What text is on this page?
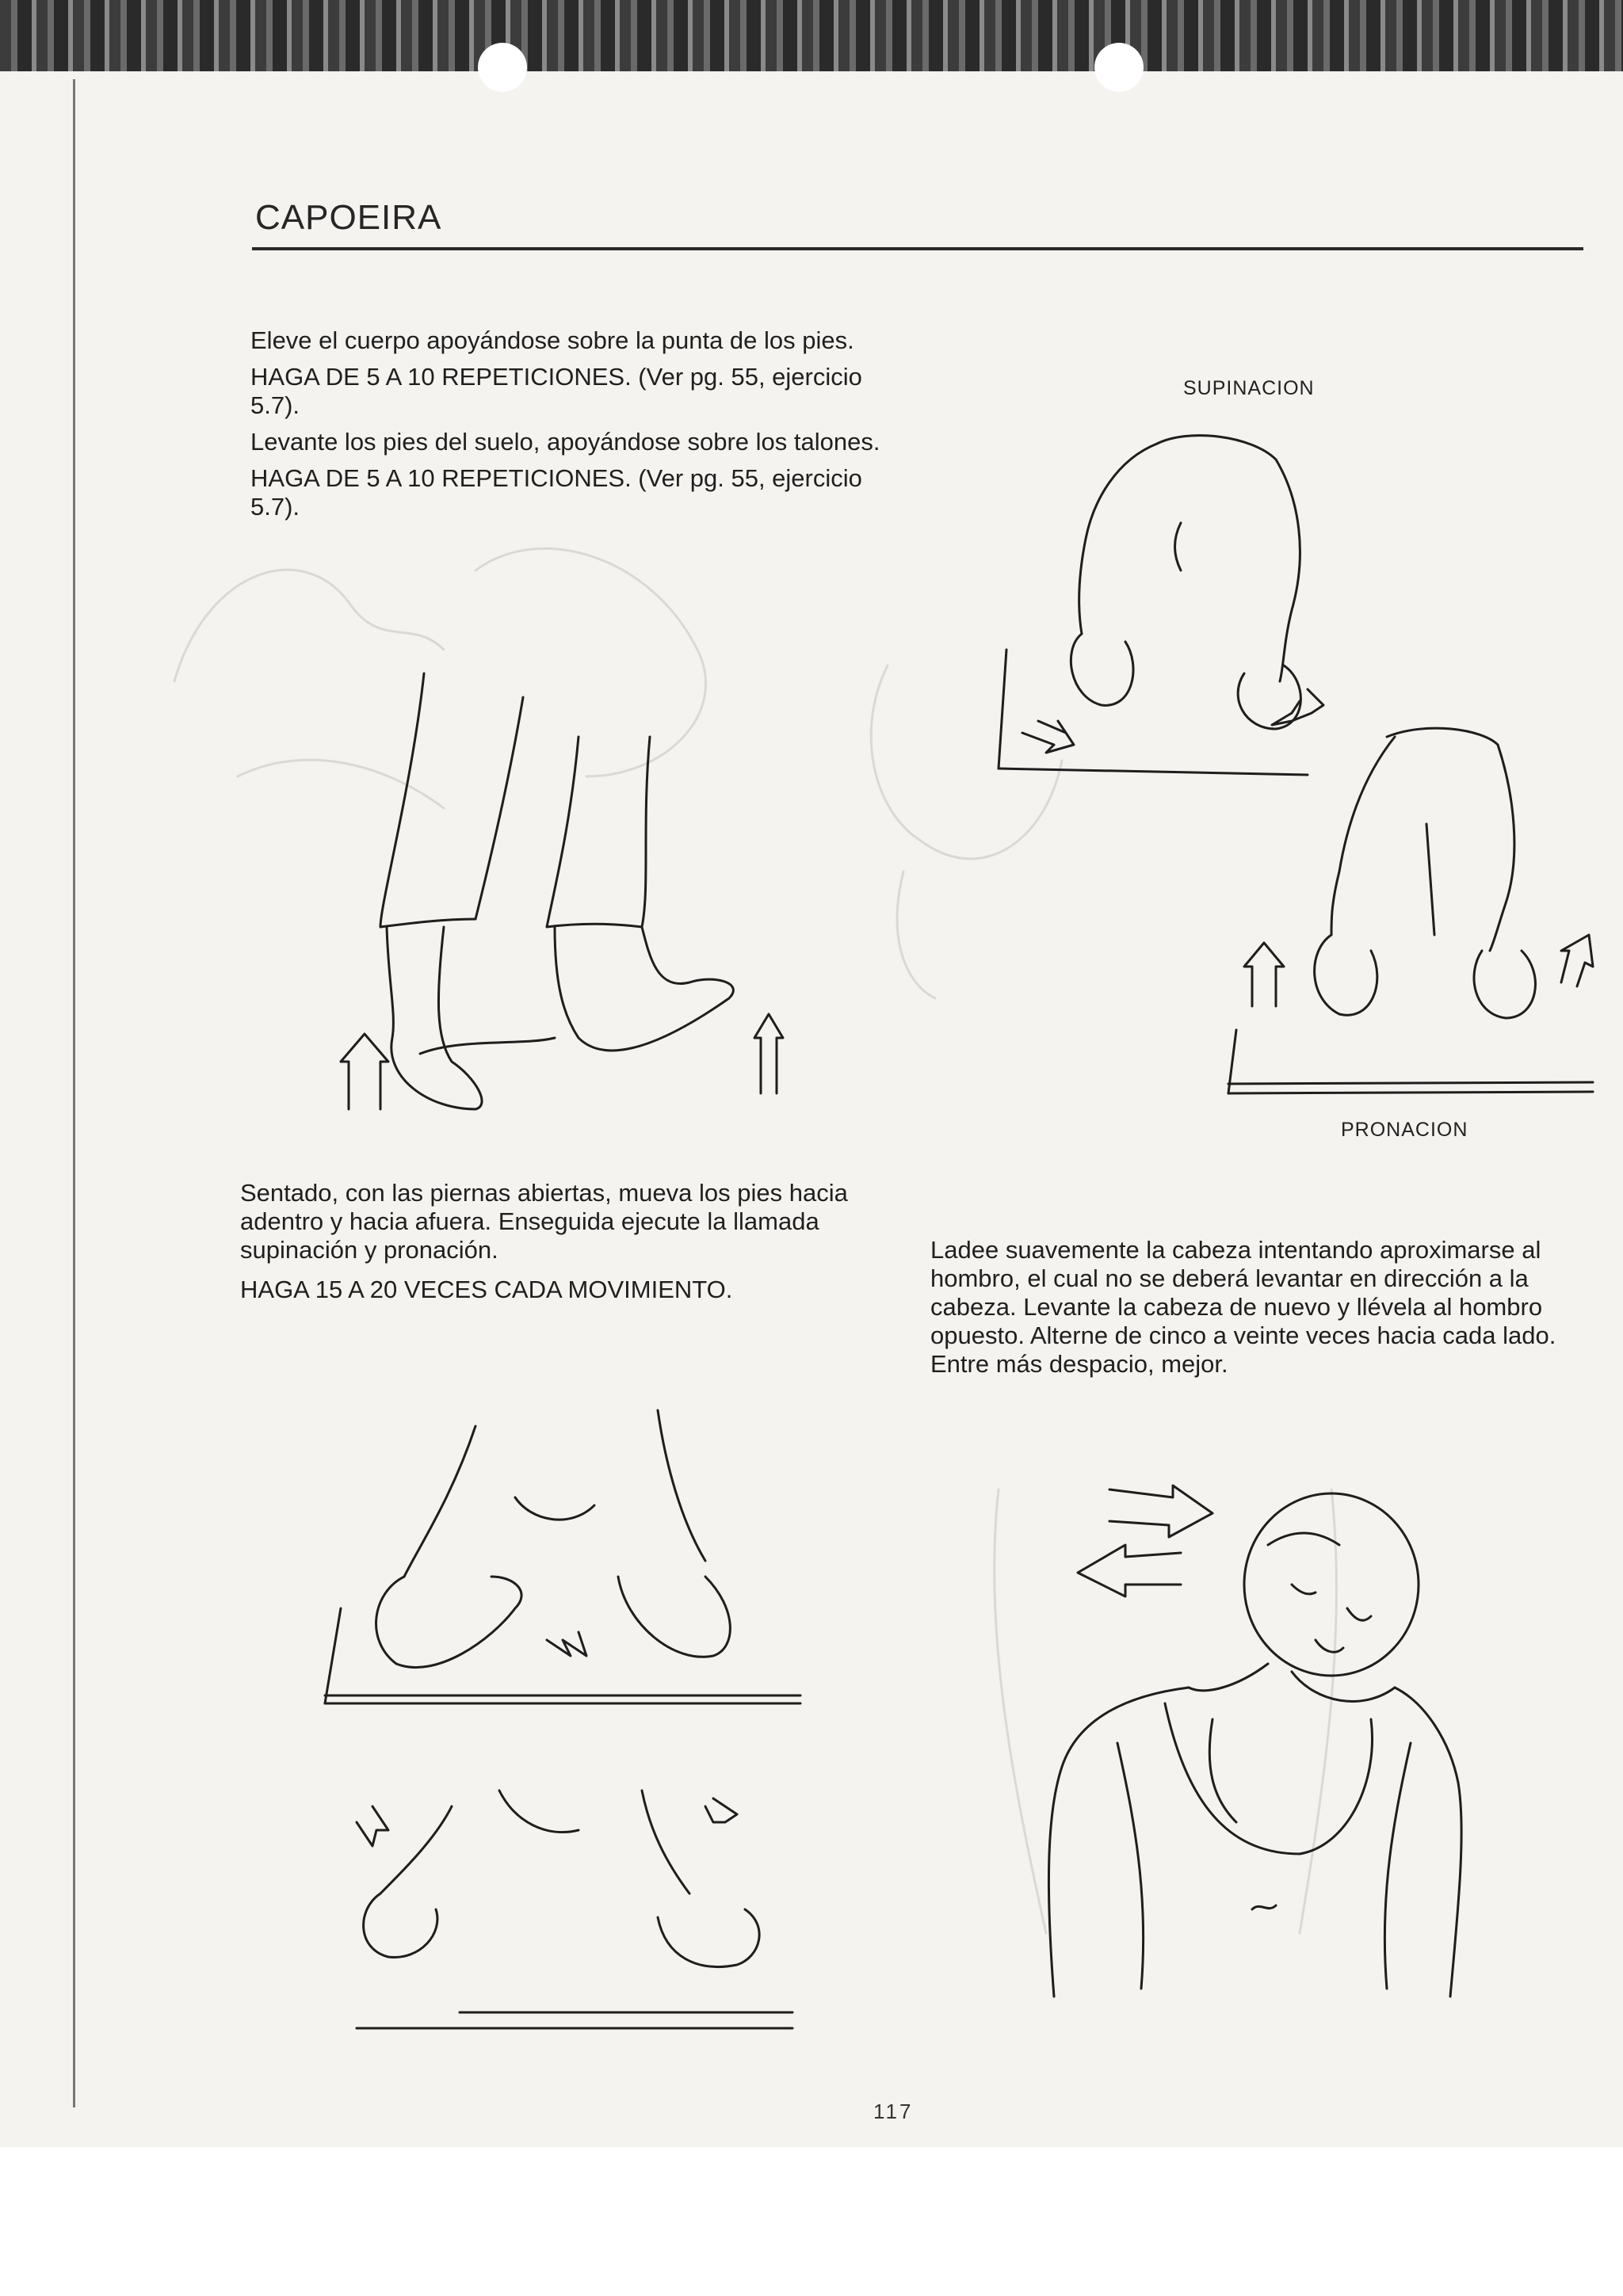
CAPOEIRA

Eleve el cuerpo apoyándose sobre la punta de los pies.

HAGA DE 5 A 10 REPETICIONES. (Ver pg. 55, ejercicio 5.7).

Levante los pies del suelo, apoyándose sobre los talones.

HAGA DE 5 A 10 REPETICIONES. (Ver pg. 55, ejercicio 5.7).

SUPINACION
PRONACION

Sentado, con las piernas abiertas, mueva los pies hacia adentro y hacia afuera. Enseguida ejecute la llamada supinación y pronación.

HAGA 15 A 20 VECES CADA MOVIMIENTO.

Ladee suavemente la cabeza intentando aproximarse al hombro, el cual no se deberá levantar en dirección a la cabeza. Levante la cabeza de nuevo y llévela al hombro opuesto. Alterne de cinco a veinte veces hacia cada lado. Entre más despacio, mejor.

117
